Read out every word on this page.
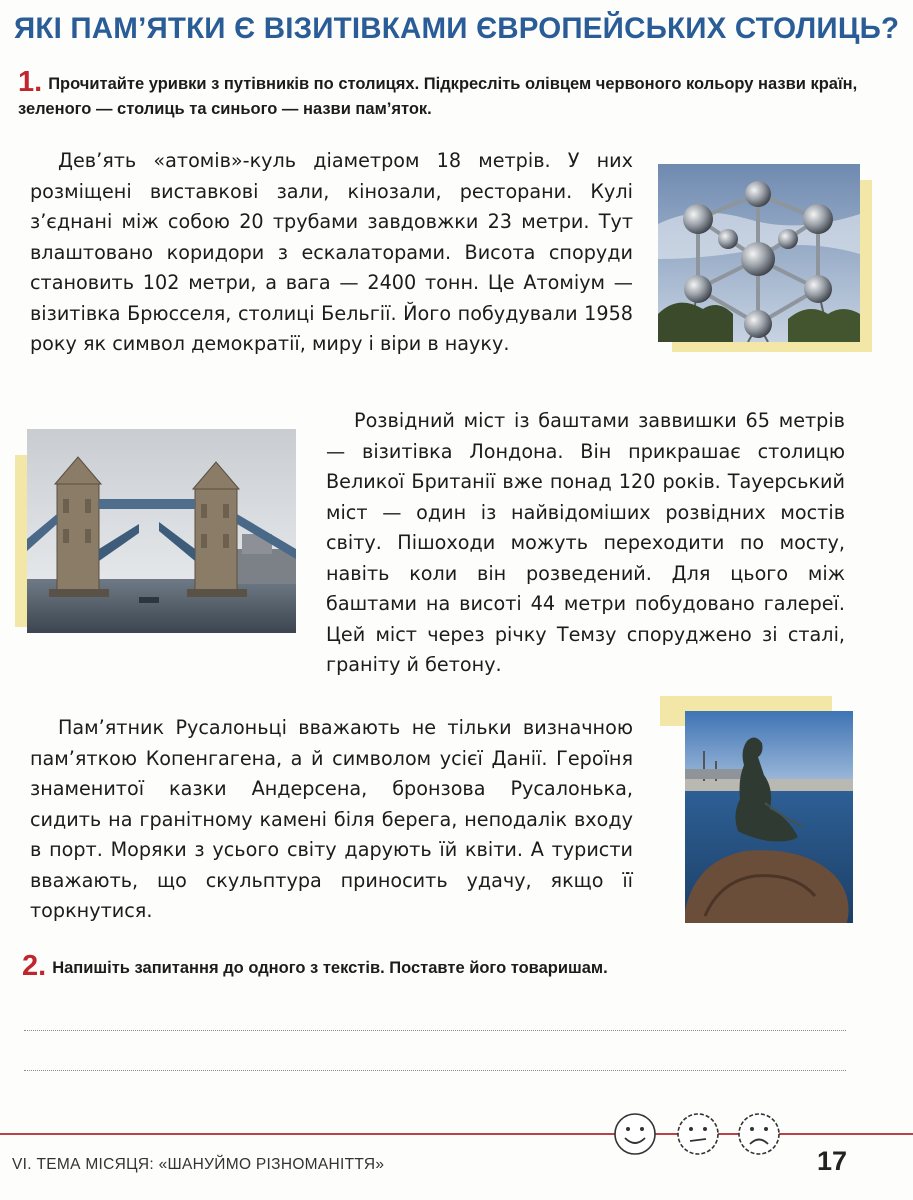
ЯКІ ПАМ’ЯТКИ Є ВІЗИТІВКАМИ ЄВРОПЕЙСЬКИХ СТОЛИЦЬ?
1. Прочитайте уривки з путівників по столицях. Підкресліть олівцем червоного кольору назви країн, зеленого — столиць та синього — назви пам’яток.

Дев’ять «атомів»-куль діаметром 18 метрів. У них розміщені виставкові зали, кінозали, ресторани. Кулі з’єднані між собою 20 трубами завдовжки 23 метри. Тут влаштовано коридори з ескалаторами. Висота споруди становить 102 метри, а вага — 2400 тонн. Це Атоміум — візитівка Брюсселя, столиці Бельгії. Його побудували 1958 року як символ демократії, миру і віри в науку.

Розвідний міст із баштами заввишки 65 метрів — візитівка Лондона. Він прикрашає столицю Великої Британії вже понад 120 років. Тауерський міст — один із найвідоміших розвідних мостів світу. Пішоходи можуть переходити по мосту, навіть коли він розведений. Для цього між баштами на висоті 44 метри побудовано галереї. Цей міст через річку Темзу споруджено зі сталі, граніту й бетону.

Пам’ятник Русалоньці вважають не тільки визначною пам’яткою Копенгагена, а й символом усієї Данії. Героїня знаменитої казки Андерсена, бронзова Русалонька, сидить на гранітному камені біля берега, неподалік входу в порт. Моряки з усього світу дарують їй квіти. А туристи вважають, що скульптура приносить удачу, якщо її торкнутися.

2. Напишіть запитання до одного з текстів. Поставте його товаришам.
VI. ТЕМА МІСЯЦЯ: «ШАНУЙМО РІЗНОМАНІТТЯ»	17
